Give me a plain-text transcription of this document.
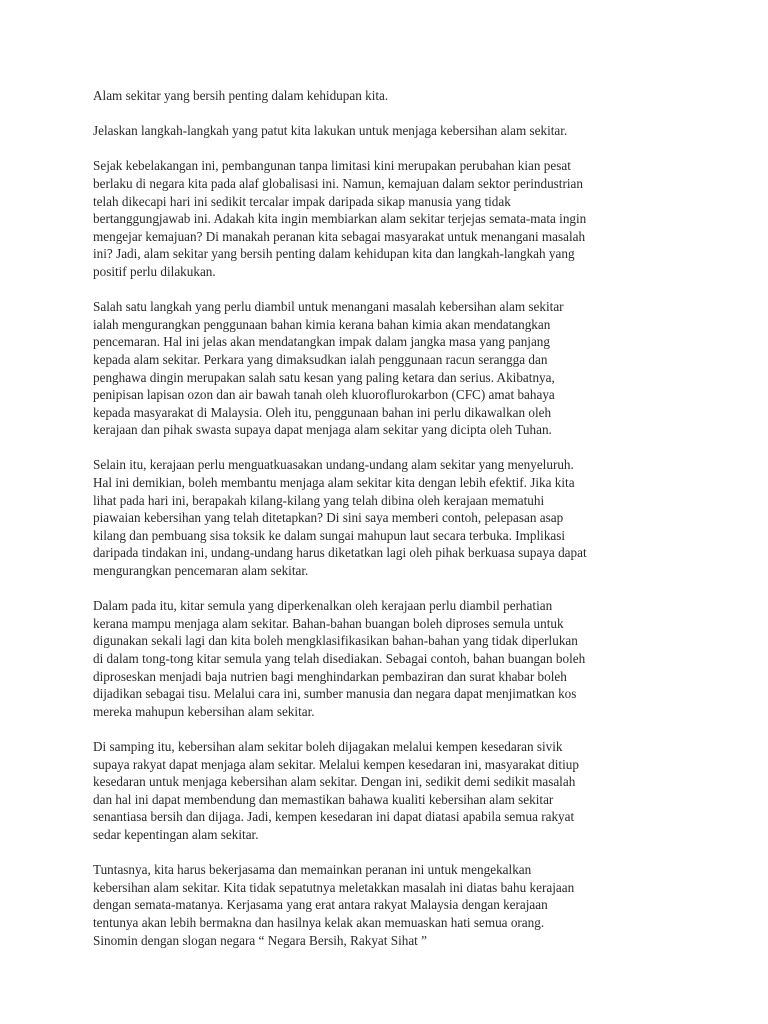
Alam sekitar yang bersih penting dalam kehidupan kita.

Jelaskan langkah-langkah yang patut kita lakukan untuk menjaga kebersihan alam sekitar.

Sejak kebelakangan ini, pembangunan tanpa limitasi kini merupakan perubahan kian pesat
berlaku di negara kita pada alaf globalisasi ini. Namun, kemajuan dalam sektor perindustrian
telah dikecapi hari ini sedikit tercalar impak daripada sikap manusia yang tidak
bertanggungjawab ini. Adakah kita ingin membiarkan alam sekitar terjejas semata-mata ingin
mengejar kemajuan? Di manakah peranan kita sebagai masyarakat untuk menangani masalah
ini? Jadi, alam sekitar yang bersih penting dalam kehidupan kita dan langkah-langkah yang
positif perlu dilakukan.

Salah satu langkah yang perlu diambil untuk menangani masalah kebersihan alam sekitar
ialah mengurangkan penggunaan bahan kimia kerana bahan kimia akan mendatangkan
pencemaran. Hal ini jelas akan mendatangkan impak dalam jangka masa yang panjang
kepada alam sekitar. Perkara yang dimaksudkan ialah penggunaan racun serangga dan
penghawa dingin merupakan salah satu kesan yang paling ketara dan serius. Akibatnya,
penipisan lapisan ozon dan air bawah tanah oleh kluoroflurokarbon (CFC) amat bahaya
kepada masyarakat di Malaysia. Oleh itu, penggunaan bahan ini perlu dikawalkan oleh
kerajaan dan pihak swasta supaya dapat menjaga alam sekitar yang dicipta oleh Tuhan.

Selain itu, kerajaan perlu menguatkuasakan undang-undang alam sekitar yang menyeluruh.
Hal ini demikian, boleh membantu menjaga alam sekitar kita dengan lebih efektif. Jika kita
lihat pada hari ini, berapakah kilang-kilang yang telah dibina oleh kerajaan mematuhi
piawaian kebersihan yang telah ditetapkan? Di sini saya memberi contoh, pelepasan asap
kilang dan pembuang sisa toksik ke dalam sungai mahupun laut secara terbuka. Implikasi
daripada tindakan ini, undang-undang harus diketatkan lagi oleh pihak berkuasa supaya dapat
mengurangkan pencemaran alam sekitar.

Dalam pada itu, kitar semula yang diperkenalkan oleh kerajaan perlu diambil perhatian
kerana mampu menjaga alam sekitar. Bahan-bahan buangan boleh diproses semula untuk
digunakan sekali lagi dan kita boleh mengklasifikasikan bahan-bahan yang tidak diperlukan
di dalam tong-tong kitar semula yang telah disediakan. Sebagai contoh, bahan buangan boleh
diproseskan menjadi baja nutrien bagi menghindarkan pembaziran dan surat khabar boleh
dijadikan sebagai tisu. Melalui cara ini, sumber manusia dan negara dapat menjimatkan kos
mereka mahupun kebersihan alam sekitar.

Di samping itu, kebersihan alam sekitar boleh dijagakan melalui kempen kesedaran sivik
supaya rakyat dapat menjaga alam sekitar. Melalui kempen kesedaran ini, masyarakat ditiup
kesedaran untuk menjaga kebersihan alam sekitar. Dengan ini, sedikit demi sedikit masalah
dan hal ini dapat membendung dan memastikan bahawa kualiti kebersihan alam sekitar
senantiasa bersih dan dijaga. Jadi, kempen kesedaran ini dapat diatasi apabila semua rakyat
sedar kepentingan alam sekitar.

Tuntasnya, kita harus bekerjasama dan memainkan peranan ini untuk mengekalkan
kebersihan alam sekitar. Kita tidak sepatutnya meletakkan masalah ini diatas bahu kerajaan
dengan semata-matanya. Kerjasama yang erat antara rakyat Malaysia dengan kerajaan
tentunya akan lebih bermakna dan hasilnya kelak akan memuaskan hati semua orang.
Sinomin dengan slogan negara “ Negara Bersih, Rakyat Sihat ”
